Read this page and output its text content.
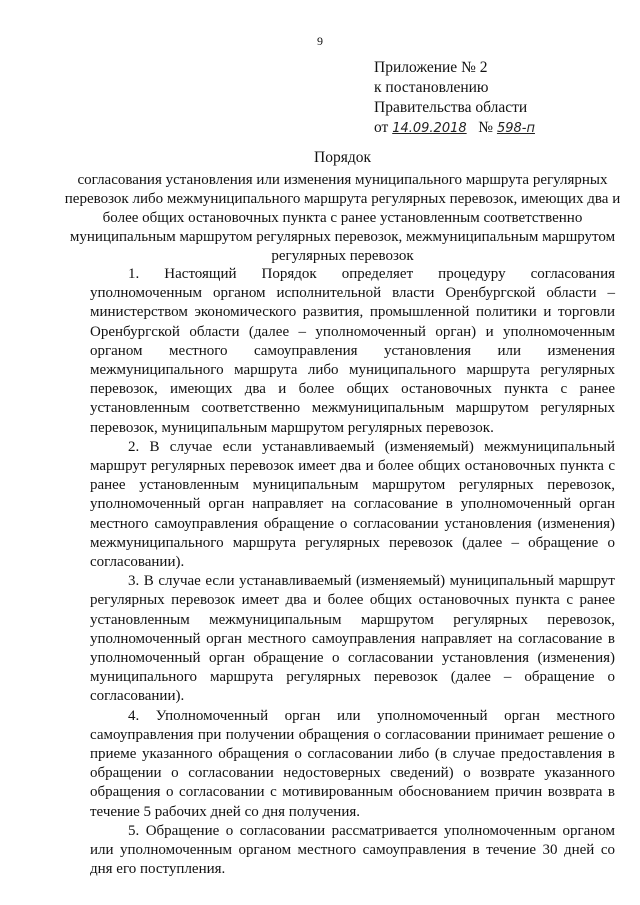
9
Приложение № 2
к постановлению
Правительства области
от 14.09.2018 № 598-п
Порядок
согласования установления или изменения муниципального маршрута регулярных перевозок либо межмуниципального маршрута регулярных перевозок, имеющих два и более общих остановочных пункта с ранее установленным соответственно муниципальным маршрутом регулярных перевозок, межмуниципальным маршрутом регулярных перевозок

1. Настоящий Порядок определяет процедуру согласования уполномоченным органом исполнительной власти Оренбургской области – министерством экономического развития, промышленной политики и торговли Оренбургской области (далее – уполномоченный орган) и уполномоченным органом местного самоуправления установления или изменения межмуниципального маршрута либо муниципального маршрута регулярных перевозок, имеющих два и более общих остановочных пункта с ранее установленным соответственно межмуниципальным маршрутом регулярных перевозок, муниципальным маршрутом регулярных перевозок.

2. В случае если устанавливаемый (изменяемый) межмуниципальный маршрут регулярных перевозок имеет два и более общих остановочных пункта с ранее установленным муниципальным маршрутом регулярных перевозок, уполномоченный орган направляет на согласование в уполномоченный орган местного самоуправления обращение о согласовании установления (изменения) межмуниципального маршрута регулярных перевозок (далее – обращение о согласовании).

3. В случае если устанавливаемый (изменяемый) муниципальный маршрут регулярных перевозок имеет два и более общих остановочных пункта с ранее установленным межмуниципальным маршрутом регулярных перевозок, уполномоченный орган местного самоуправления направляет на согласование в уполномоченный орган обращение о согласовании установления (изменения) муниципального маршрута регулярных перевозок (далее – обращение о согласовании).

4. Уполномоченный орган или уполномоченный орган местного самоуправления при получении обращения о согласовании принимает решение о приеме указанного обращения о согласовании либо (в случае предоставления в обращении о согласовании недостоверных сведений) о возврате указанного обращения о согласовании с мотивированным обоснованием причин возврата в течение 5 рабочих дней со дня получения.

5. Обращение о согласовании рассматривается уполномоченным органом или уполномоченным органом местного самоуправления в течение 30 дней со дня его поступления.
